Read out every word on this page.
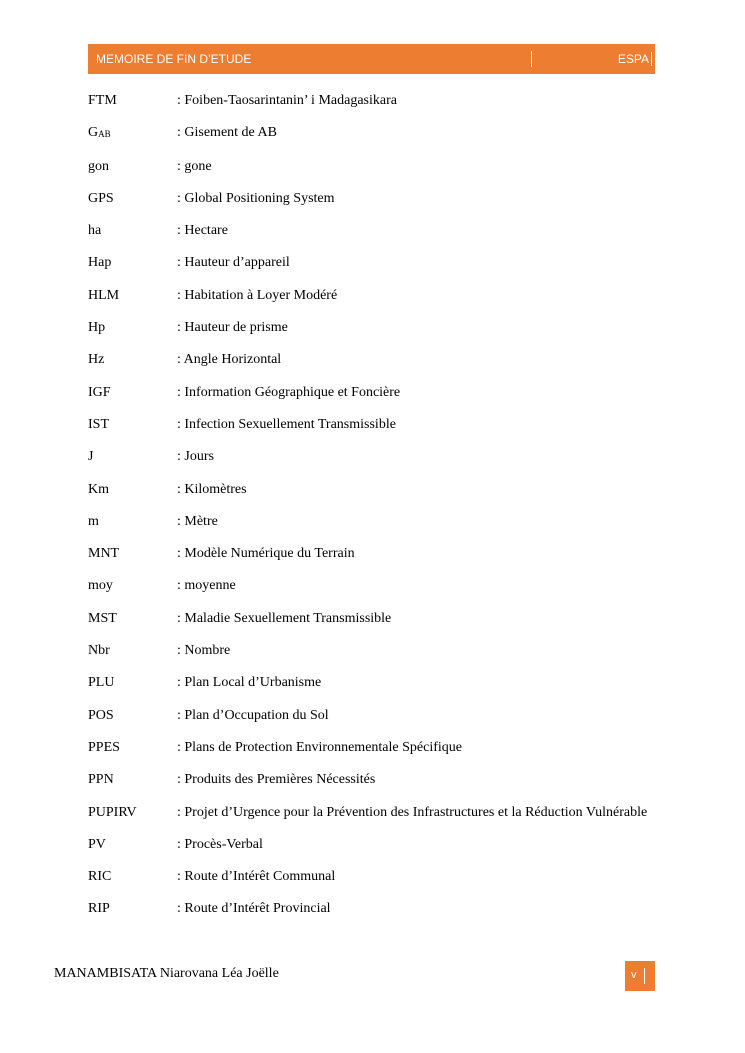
MEMOIRE DE FIN D’ETUDE	ESPA
FTM	: Foiben-Taosarintanin’ i Madagasikara
$G_{AB}$	: Gisement de AB
gon	: gone
GPS	: Global Positioning System
ha	: Hectare
Hap	: Hauteur d’appareil
HLM	: Habitation à Loyer Modéré
Hp	: Hauteur de prisme
Hz	: Angle Horizontal
IGF	: Information Géographique et Foncière
IST	: Infection Sexuellement Transmissible
J	: Jours
Km	: Kilomètres
m	: Mètre
MNT	: Modèle Numérique du Terrain
moy	: moyenne
MST	: Maladie Sexuellement Transmissible
Nbr	: Nombre
PLU	: Plan Local d’Urbanisme
POS	: Plan d’Occupation du Sol
PPES	: Plans de Protection Environnementale Spécifique
PPN	: Produits des Premières Nécessités
PUPIRV	: Projet d’Urgence pour la Prévention des Infrastructures et la Réduction Vulnérable
PV	: Procès-Verbal
RIC	: Route d’Intérêt Communal
RIP	: Route d’Intérêt Provincial
MANAMBISATA Niarovana Léa Joëlle	v
